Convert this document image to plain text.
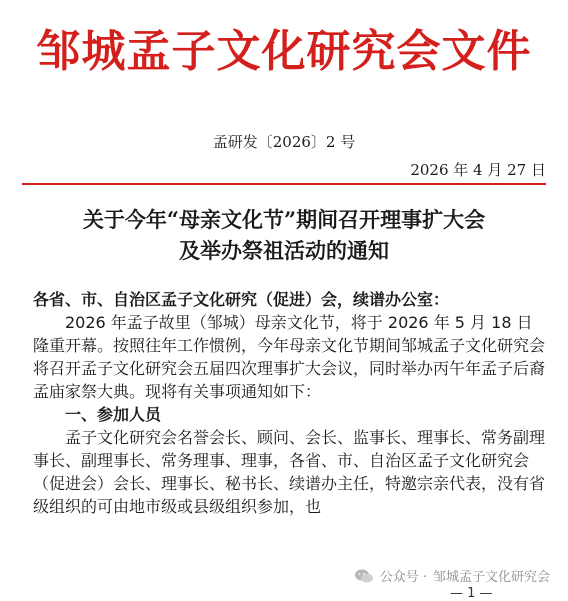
邹城孟子文化研究会文件
孟研发〔2026〕2 号
2026 年 4 月 27 日
关于今年“母亲文化节”期间召开理事扩大会
及举办祭祖活动的通知

各省、市、自治区孟子文化研究（促进）会，续谱办公室：

2026 年孟子故里（邹城）母亲文化节，将于 2026 年 5 月 18 日隆重开幕。按照往年工作惯例，今年母亲文化节期间邹城孟子文化研究会将召开孟子文化研究会五届四次理事扩大会议，同时举办丙午年孟子后裔孟庙家祭大典。现将有关事项通知如下：

一、参加人员

孟子文化研究会名誉会长、顾问、会长、监事长、理事长、常务副理事长、副理事长、常务理事、理事，各省、市、自治区孟子文化研究会（促进会）会长、理事长、秘书长、续谱办主任，特邀宗亲代表，没有省级组织的可由地市级或县级组织参加，也

公众号 · 邹城孟子文化研究会
— 1 —
